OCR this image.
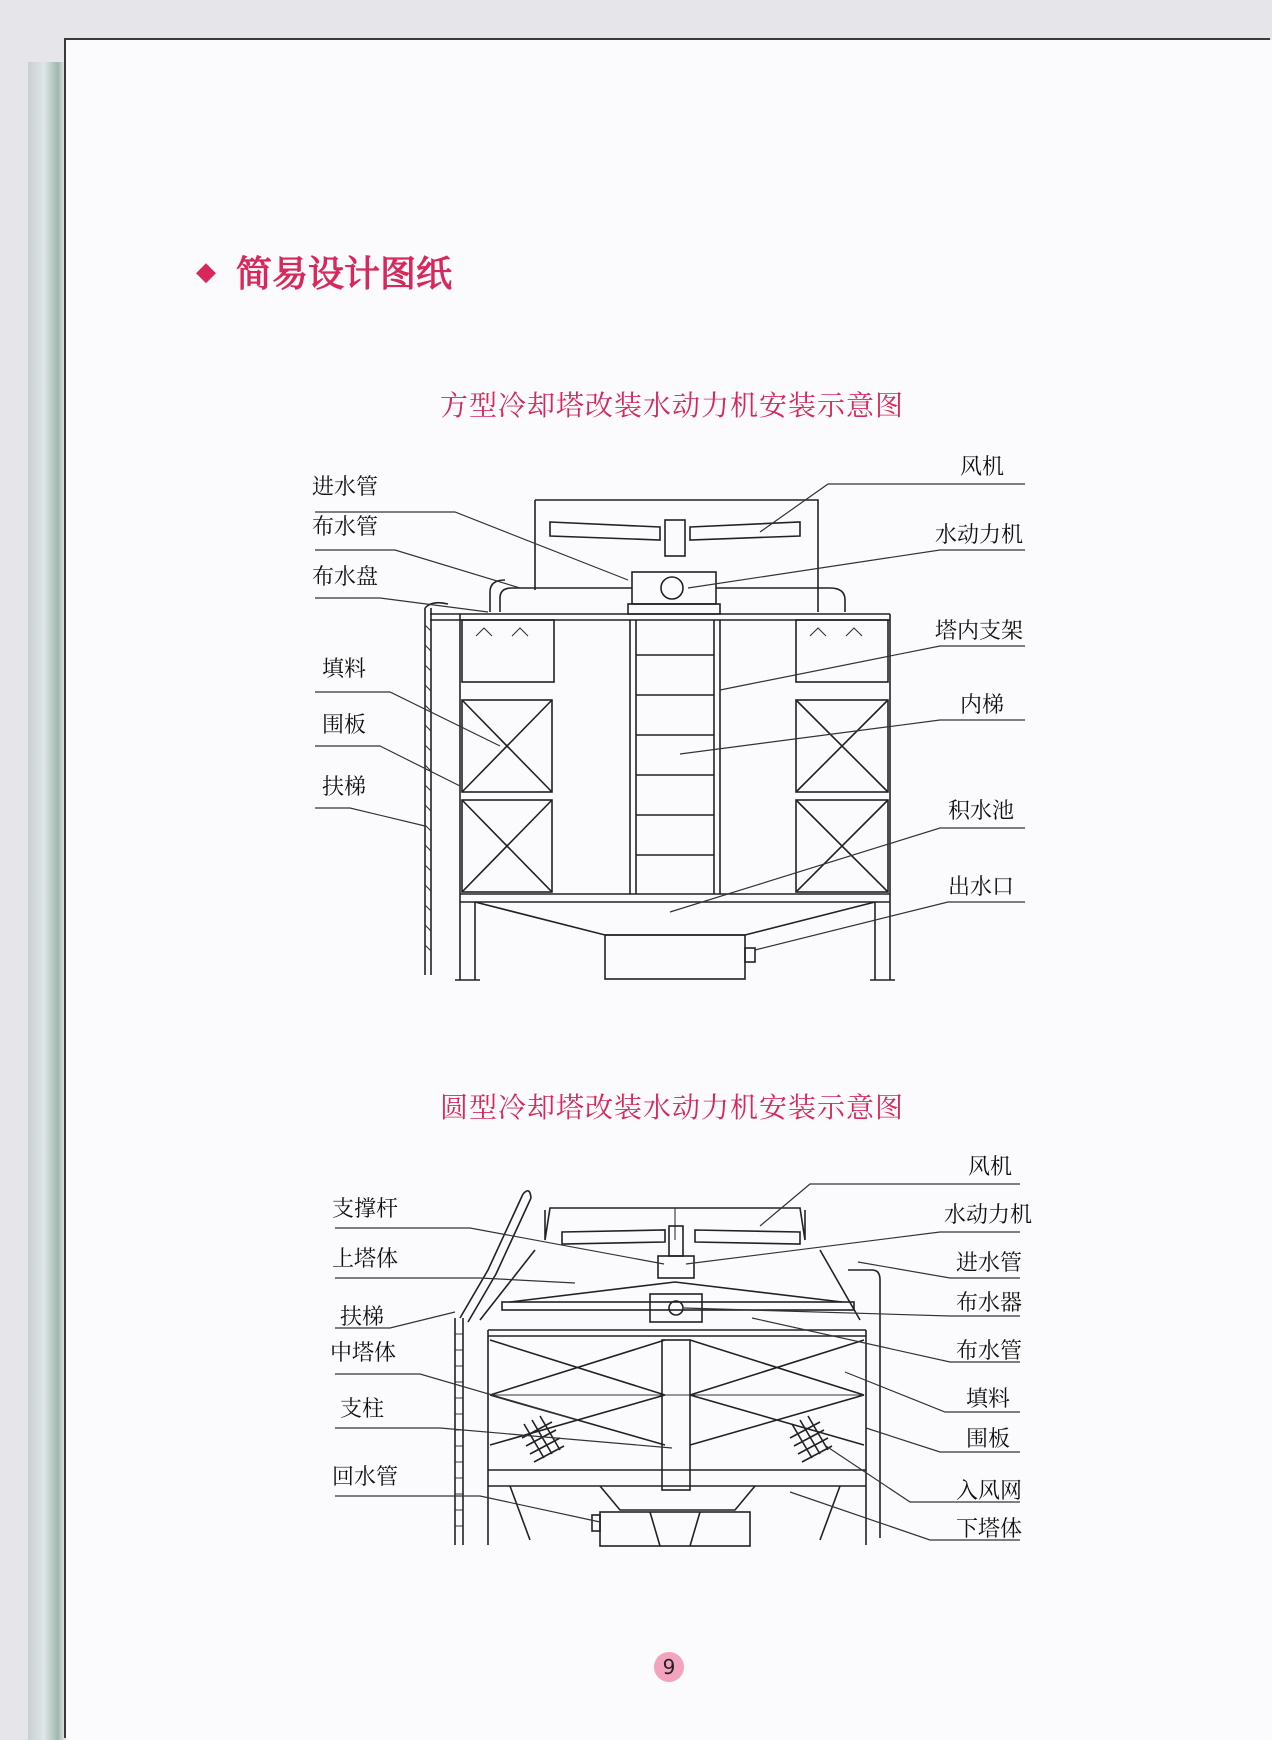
◆ 简易设计图纸
方型冷却塔改装水动力机安装示意图
进水管
布水管
布水盘
填料
围板
扶梯
风机
水动力机
塔内支架
内梯
积水池
出水口
圆型冷却塔改装水动力机安装示意图
支撑杆
上塔体
扶梯
中塔体
支柱
回水管
风机
水动力机
进水管
布水器
布水管
填料
围板
入风网
下塔体
9
